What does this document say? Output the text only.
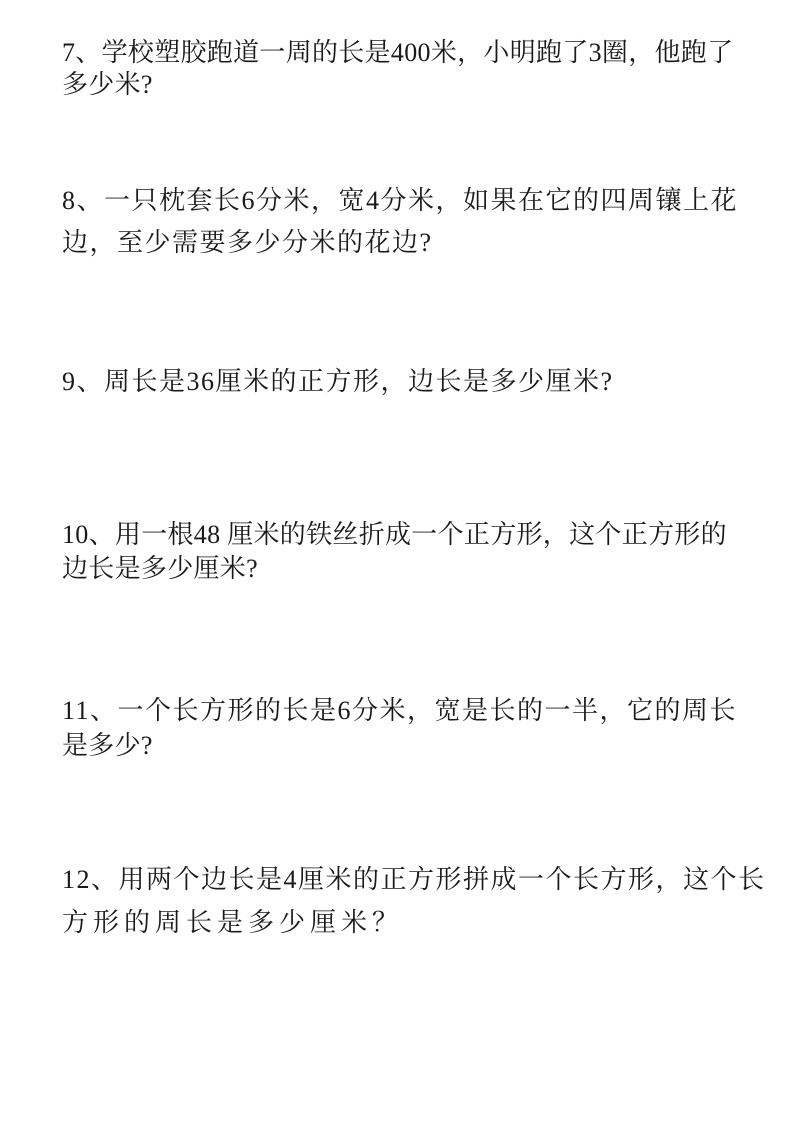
7、学校塑胶跑道一周的长是400米，小明跑了3圈，他跑了
多少米?
8、一只枕套长6分米，宽4分米，如果在它的四周镶上花
边，至少需要多少分米的花边?
9、周长是36厘米的正方形，边长是多少厘米?
10、用一根48 厘米的铁丝折成一个正方形，这个正方形的
边长是多少厘米?
11、一个长方形的长是6分米，宽是长的一半，它的周长
是多少?
12、用两个边长是4厘米的正方形拼成一个长方形，这个长
方形的周长是多少厘米？
